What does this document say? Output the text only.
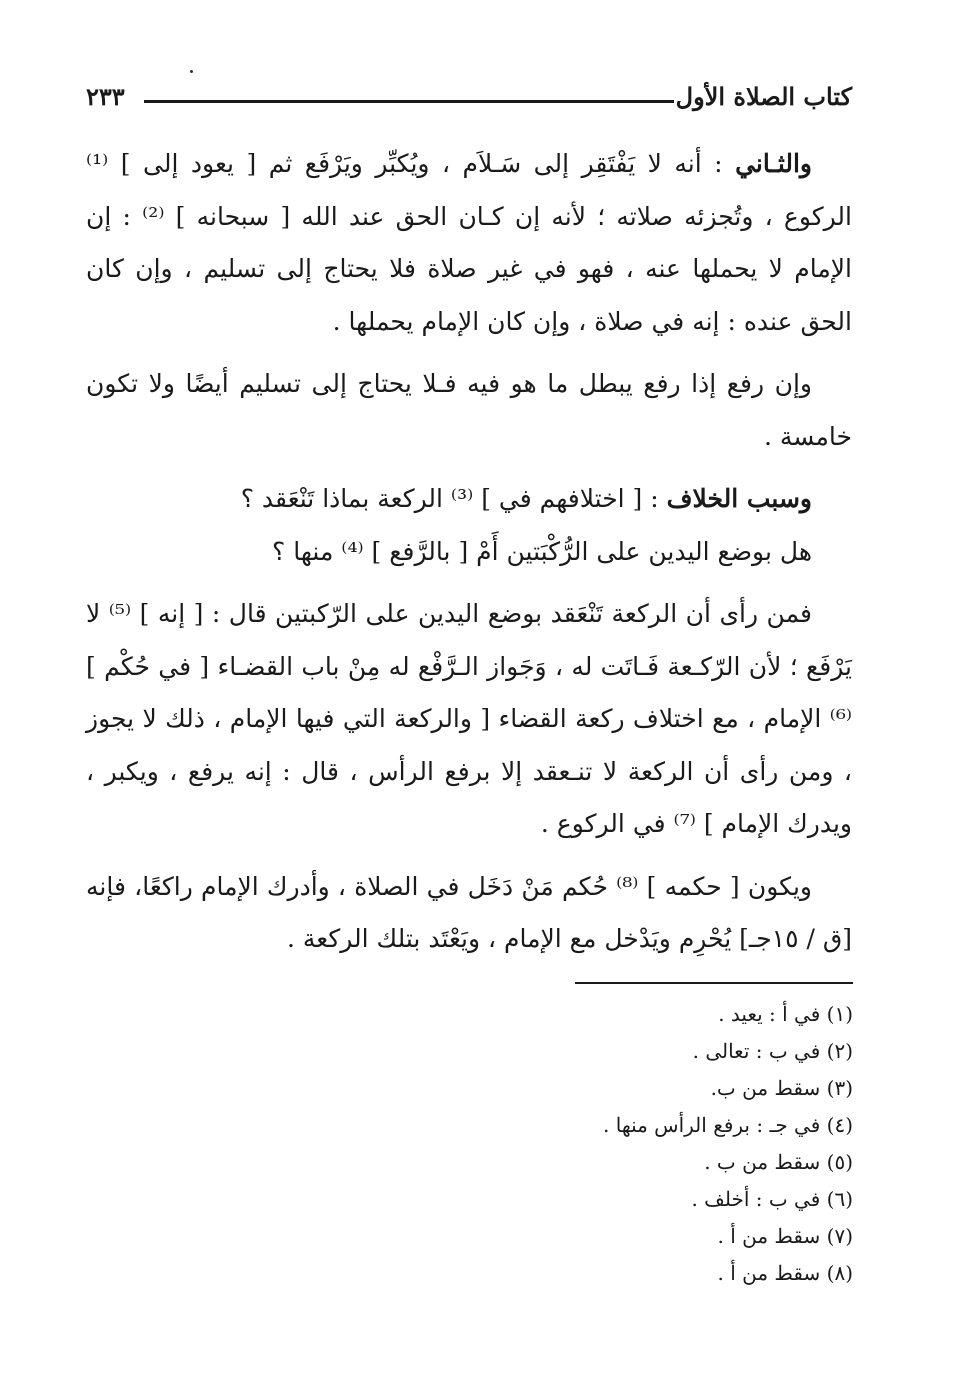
كتاب الصلاة الأول
٢٣٣

والثـاني : أنه لا يَفْتَقِر إلى سَـلاَم ، ويُكبِّر ويَرْفَع ثم [ يعود إلى ] ⁽¹⁾ الركوع ، وتُجزئه صلاته ؛ لأنه إن كـان الحق عند الله [ سبحانه ] ⁽²⁾ : إن الإمام لا يحملها عنه ، فهو في غير صلاة فلا يحتاج إلى تسليم ، وإن كان الحق عنده : إنه في صلاة ، وإن كان الإمام يحملها .

وإن رفع إذا رفع يبطل ما هو فيه فـلا يحتاج إلى تسليم أيضًا ولا تكون خامسة .

وسبب الخلاف : [ اختلافهم في ] ⁽³⁾ الركعة بماذا تَنْعَقد ؟

هل بوضع اليدين على الرُّكْبَتين أَمْ [ بالرَّفع ] ⁽⁴⁾ منها ؟

فمن رأى أن الركعة تَنْعَقد بوضع اليدين على الرّكبتين قال : [ إنه ] ⁽⁵⁾ لا يَرْفَع ؛ لأن الرّكـعة فَـاتَت له ، وَجَواز الـرَّفْع له مِنْ باب القضـاء [ في حُكْم ] ⁽⁶⁾ الإمام ، مع اختلاف ركعة القضاء [ والركعة التي فيها الإمام ، ذلك لا يجوز ، ومن رأى أن الركعة لا تنـعقد إلا برفع الرأس ، قال : إنه يرفع ، ويكبر ، ويدرك الإمام ] ⁽⁷⁾ في الركوع .

ويكون [ حكمه ] ⁽⁸⁾ حُكم مَنْ دَخَل في الصلاة ، وأدرك الإمام راكعًا، فإنه [ق / ١٥جـ] يُحْرِم ويَدْخل مع الإمام ، ويَعْتَد بتلك الركعة .

(١) في أ : يعيد .
(٢) في ب : تعالى .
(٣) سقط من ب.
(٤) في جـ : برفع الرأس منها .
(٥) سقط من ب .
(٦) في ب : أخلف .
(٧) سقط من أ .
(٨) سقط من أ .
